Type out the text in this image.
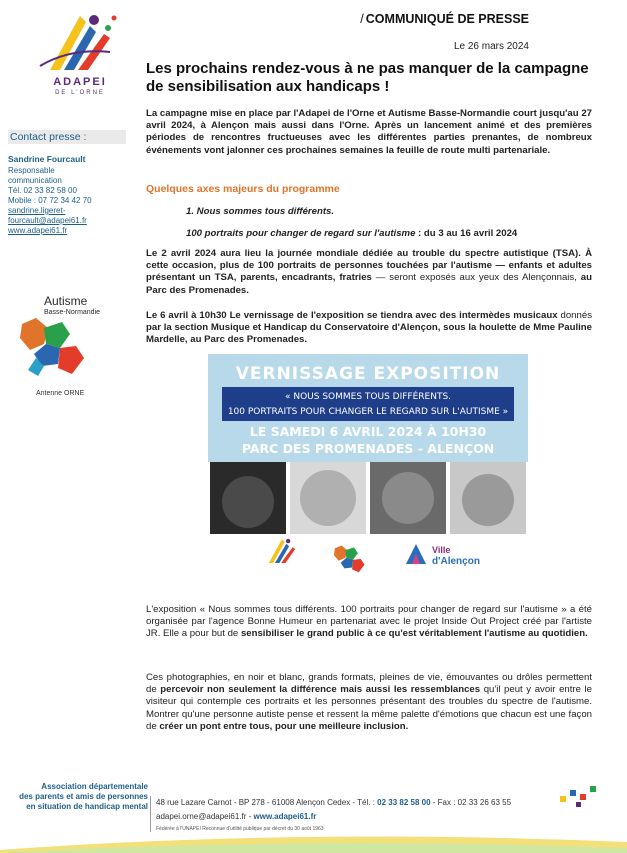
ADAPEI
DE L'ORNE
/ COMMUNIQUÉ DE PRESSE
Le 26 mars 2024
Les prochains rendez-vous à ne pas manquer de la campagne de sensibilisation aux handicaps !
Contact presse :
Sandrine Fourcault
Responsable
communication
Tél. 02 33 82 58 00
Mobile : 07 72 34 42 70
sandrine.ligeret-
fourcault@adapei61.fr
www.adapei61.fr
Autisme
Basse-Normandie
Antenne ORNE

La campagne mise en place par l'Adapei de l'Orne et Autisme Basse-Normandie court jusqu'au 27 avril 2024, à Alençon mais aussi dans l'Orne. Après un lancement animé et des premières périodes de rencontres fructueuses avec les différentes parties prenantes, de nombreux événements vont jalonner ces prochaines semaines la feuille de route multi partenariale.

Quelques axes majeurs du programme
1. Nous sommes tous différents.
100 portraits pour changer de regard sur l'autisme : du 3 au 16 avril 2024

Le 2 avril 2024 aura lieu la journée mondiale dédiée au trouble du spectre autistique (TSA). À cette occasion, plus de 100 portraits de personnes touchées par l'autisme — enfants et adultes présentant un TSA, parents, encadrants, fratries — seront exposés aux yeux des Alençonnais, au Parc des Promenades.

Le 6 avril à 10h30 Le vernissage de l'exposition se tiendra avec des intermèdes musicaux donnés par la section Musique et Handicap du Conservatoire d'Alençon, sous la houlette de Mme Pauline Mardelle, au Parc des Promenades.

VERNISSAGE EXPOSITION
« NOUS SOMMES TOUS DIFFÉRENTS.
100 PORTRAITS POUR CHANGER LE REGARD SUR L'AUTISME »
LE SAMEDI 6 AVRIL 2024 À 10H30
PARC DES PROMENADES - ALENÇON
Ville
d'Alençon

L'exposition « Nous sommes tous différents. 100 portraits pour changer de regard sur l'autisme » a été organisée par l'agence Bonne Humeur en partenariat avec le projet Inside Out Project créé par l'artiste JR. Elle a pour but de sensibiliser le grand public à ce qu'est véritablement l'autisme au quotidien.

Ces photographies, en noir et blanc, grands formats, pleines de vie, émouvantes ou drôles permettent de percevoir non seulement la différence mais aussi les ressemblances qu'il peut y avoir entre le visiteur qui contemple ces portraits et les personnes présentant des troubles du spectre de l'autisme. Montrer qu'une personne autiste pense et ressent la même palette d'émotions que chacun est une façon de créer un pont entre tous, pour une meilleure inclusion.

Association départementale
des parents et amis de personnes
en situation de handicap mental 48 rue Lazare Carnot - BP 278 - 61008 Alençon Cedex - Tél. : 02 33 82 58 00 - Fax : 02 33 26 63 55
adapei.orne@adapei61.fr - www.adapei61.fr
Fédérée à l'UNAPEI Reconnue d'utilité publique par décret du 30 août 1963
